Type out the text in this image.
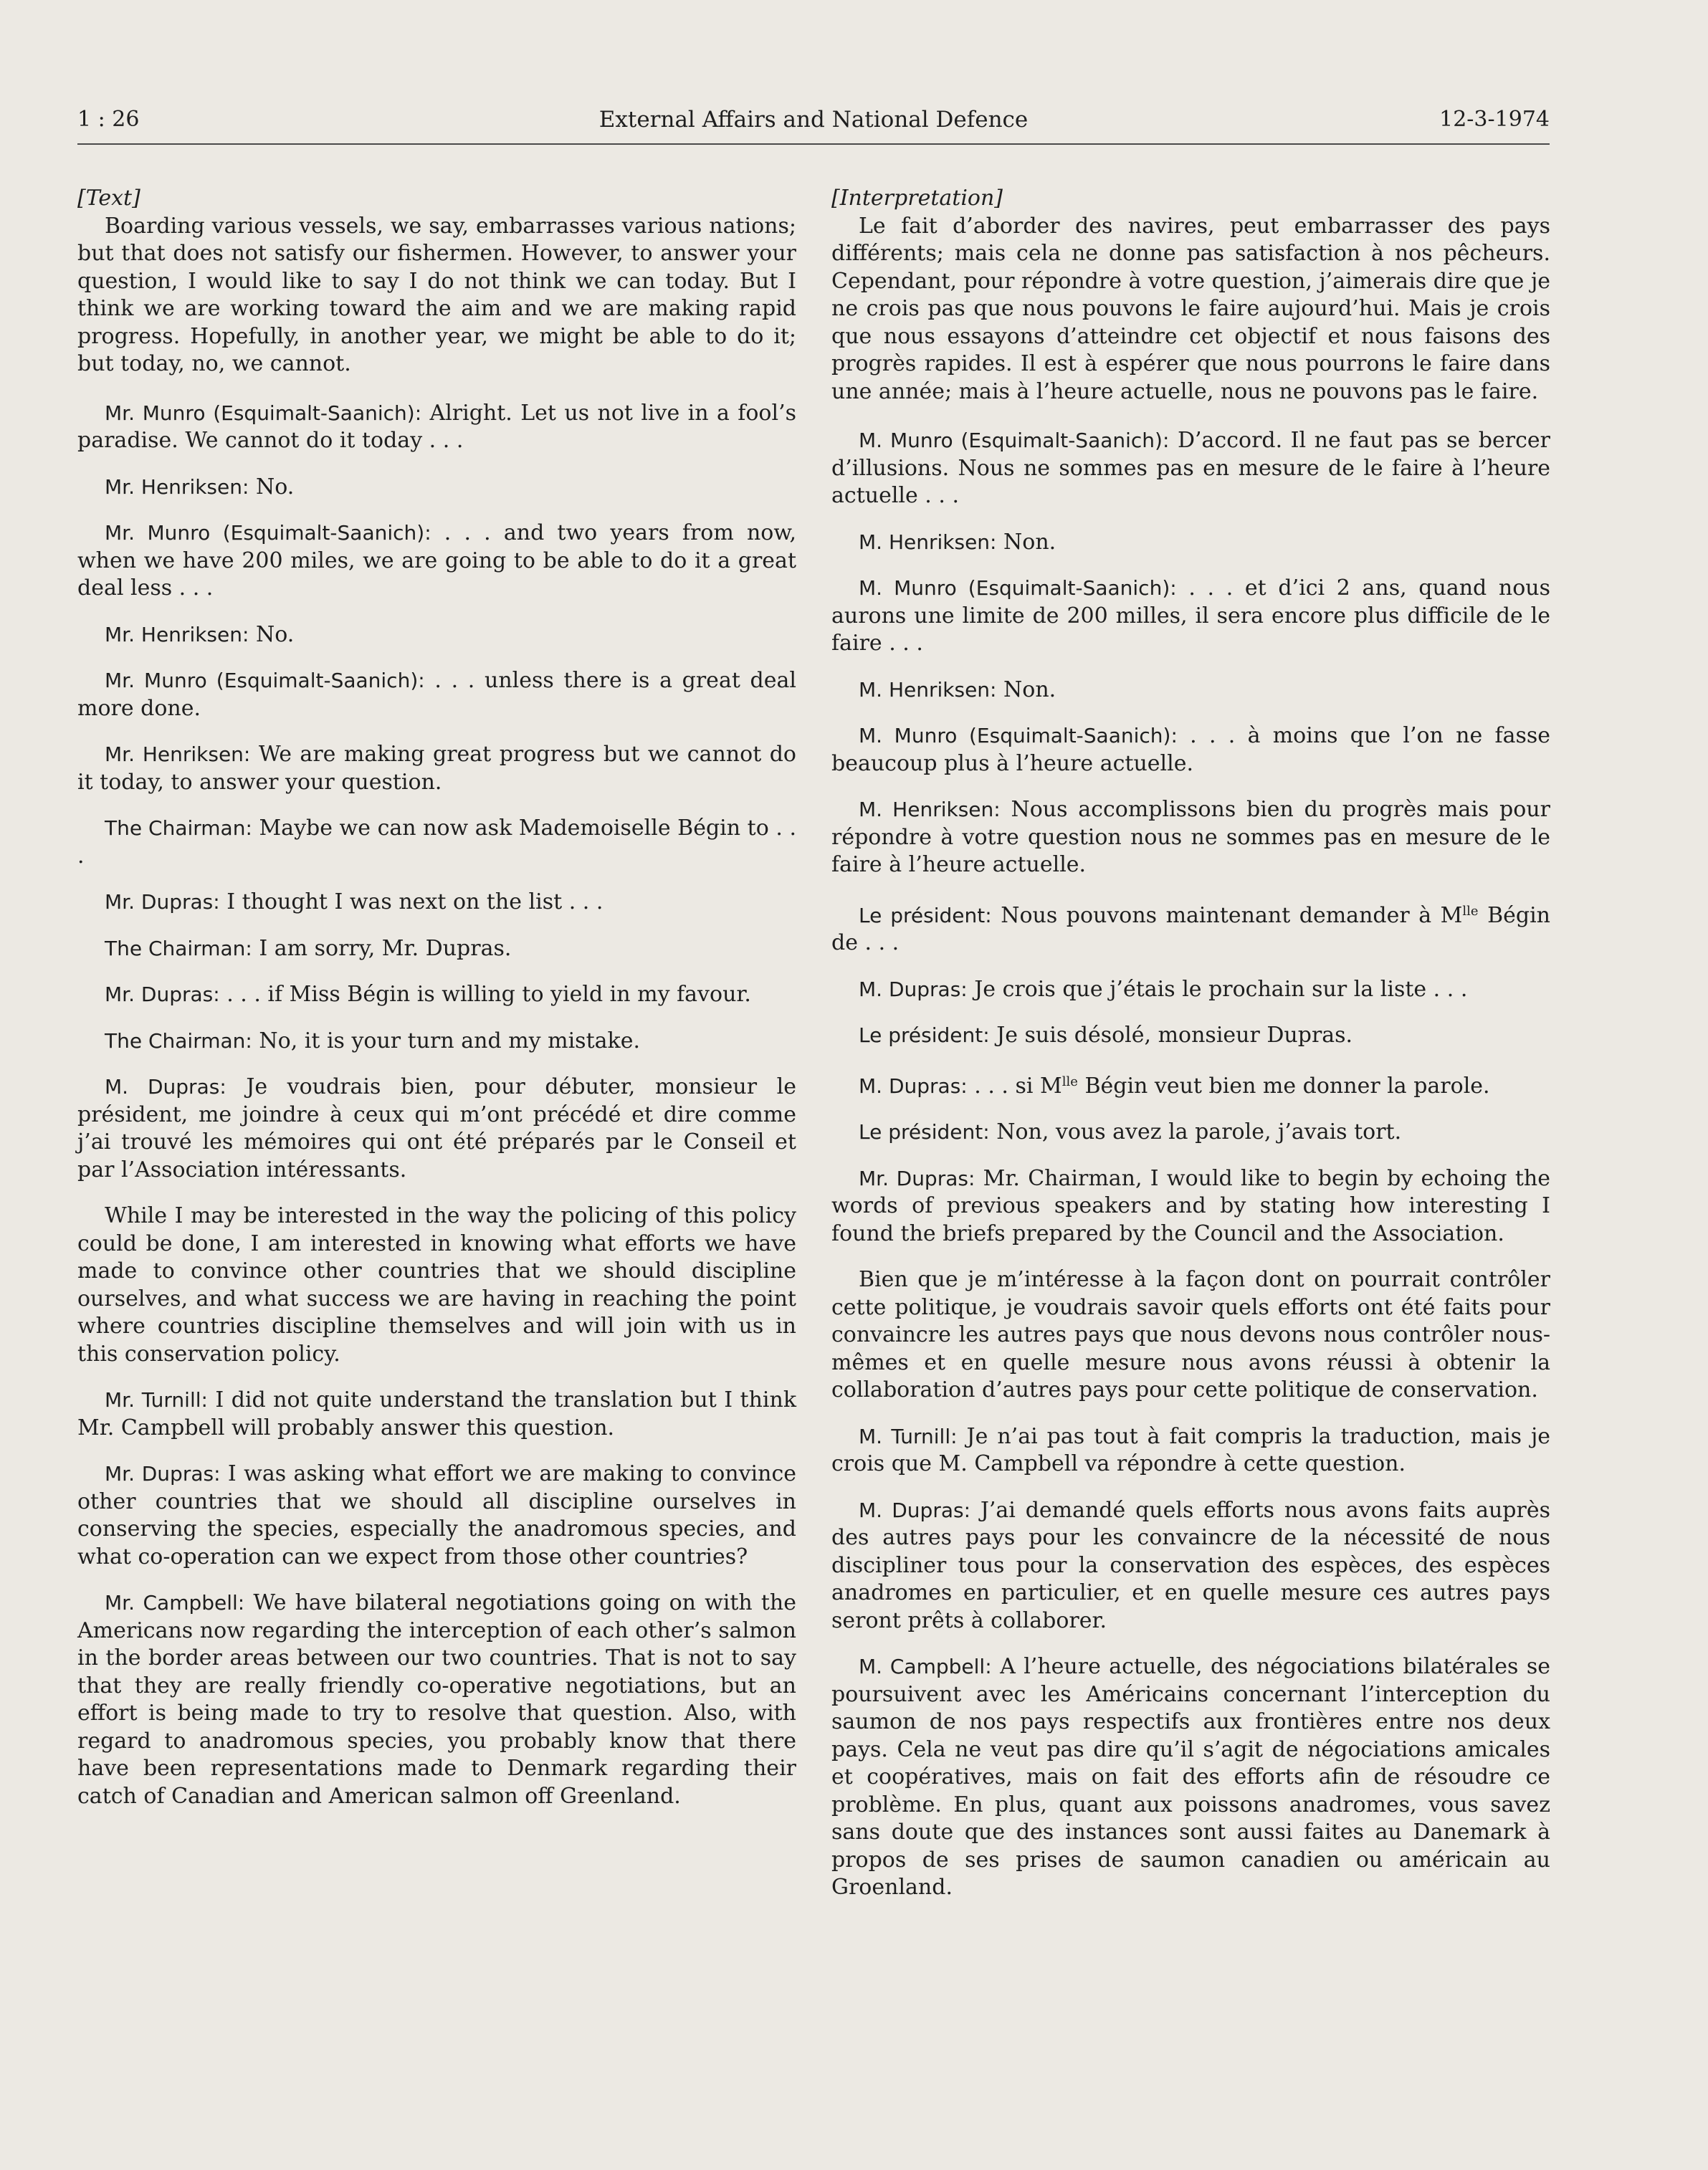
1 : 26	External Affairs and National Defence	12-3-1974
[Text]

Boarding various vessels, we say, embarrasses various nations; but that does not satisfy our fishermen. However, to answer your question, I would like to say I do not think we can today. But I think we are working toward the aim and we are making rapid progress. Hopefully, in another year, we might be able to do it; but today, no, we cannot.

Mr. Munro (Esquimalt-Saanich): Alright. Let us not live in a fool’s paradise. We cannot do it today . . .

Mr. Henriksen: No.

Mr. Munro (Esquimalt-Saanich): . . . and two years from now, when we have 200 miles, we are going to be able to do it a great deal less . . .

Mr. Henriksen: No.

Mr. Munro (Esquimalt-Saanich): . . . unless there is a great deal more done.

Mr. Henriksen: We are making great progress but we cannot do it today, to answer your question.

The Chairman: Maybe we can now ask Mademoiselle Bégin to . . .

Mr. Dupras: I thought I was next on the list . . .

The Chairman: I am sorry, Mr. Dupras.

Mr. Dupras: . . . if Miss Bégin is willing to yield in my favour.

The Chairman: No, it is your turn and my mistake.

M. Dupras: Je voudrais bien, pour débuter, monsieur le président, me joindre à ceux qui m’ont précédé et dire comme j’ai trouvé les mémoires qui ont été préparés par le Conseil et par l’Association intéressants.

While I may be interested in the way the policing of this policy could be done, I am interested in knowing what efforts we have made to convince other countries that we should discipline ourselves, and what success we are having in reaching the point where countries discipline themselves and will join with us in this conservation policy.

Mr. Turnill: I did not quite understand the translation but I think Mr. Campbell will probably answer this question.

Mr. Dupras: I was asking what effort we are making to convince other countries that we should all discipline ourselves in conserving the species, especially the anadromous species, and what co-operation can we expect from those other countries?

Mr. Campbell: We have bilateral negotiations going on with the Americans now regarding the interception of each other’s salmon in the border areas between our two countries. That is not to say that they are really friendly co-operative negotiations, but an effort is being made to try to resolve that question. Also, with regard to anadromous species, you probably know that there have been representations made to Denmark regarding their catch of Canadian and American salmon off Greenland.

[Interpretation]

Le fait d’aborder des navires, peut embarrasser des pays différents; mais cela ne donne pas satisfaction à nos pêcheurs. Cependant, pour répondre à votre question, j’aimerais dire que je ne crois pas que nous pouvons le faire aujourd’hui. Mais je crois que nous essayons d’atteindre cet objectif et nous faisons des progrès rapides. Il est à espérer que nous pourrons le faire dans une année; mais à l’heure actuelle, nous ne pouvons pas le faire.

M. Munro (Esquimalt-Saanich): D’accord. Il ne faut pas se bercer d’illusions. Nous ne sommes pas en mesure de le faire à l’heure actuelle . . .

M. Henriksen: Non.

M. Munro (Esquimalt-Saanich): . . . et d’ici 2 ans, quand nous aurons une limite de 200 milles, il sera encore plus difficile de le faire . . .

M. Henriksen: Non.

M. Munro (Esquimalt-Saanich): . . . à moins que l’on ne fasse beaucoup plus à l’heure actuelle.

M. Henriksen: Nous accomplissons bien du progrès mais pour répondre à votre question nous ne sommes pas en mesure de le faire à l’heure actuelle.

Le président: Nous pouvons maintenant demander à $M^{lle}$ Bégin de . . .

M. Dupras: Je crois que j’étais le prochain sur la liste . . .

Le président: Je suis désolé, monsieur Dupras.

M. Dupras: . . . si $M^{lle}$ Bégin veut bien me donner la parole.

Le président: Non, vous avez la parole, j’avais tort.

Mr. Dupras: Mr. Chairman, I would like to begin by echoing the words of previous speakers and by stating how interesting I found the briefs prepared by the Council and the Association.

Bien que je m’intéresse à la façon dont on pourrait contrôler cette politique, je voudrais savoir quels efforts ont été faits pour convaincre les autres pays que nous devons nous contrôler nous-mêmes et en quelle mesure nous avons réussi à obtenir la collaboration d’autres pays pour cette politique de conservation.

M. Turnill: Je n’ai pas tout à fait compris la traduction, mais je crois que M. Campbell va répondre à cette question.

M. Dupras: J’ai demandé quels efforts nous avons faits auprès des autres pays pour les convaincre de la nécessité de nous discipliner tous pour la conservation des espèces, des espèces anadromes en particulier, et en quelle mesure ces autres pays seront prêts à collaborer.

M. Campbell: A l’heure actuelle, des négociations bilatérales se poursuivent avec les Américains concernant l’interception du saumon de nos pays respectifs aux frontières entre nos deux pays. Cela ne veut pas dire qu’il s’agit de négociations amicales et coopératives, mais on fait des efforts afin de résoudre ce problème. En plus, quant aux poissons anadromes, vous savez sans doute que des instances sont aussi faites au Danemark à propos de ses prises de saumon canadien ou américain au Groenland.
